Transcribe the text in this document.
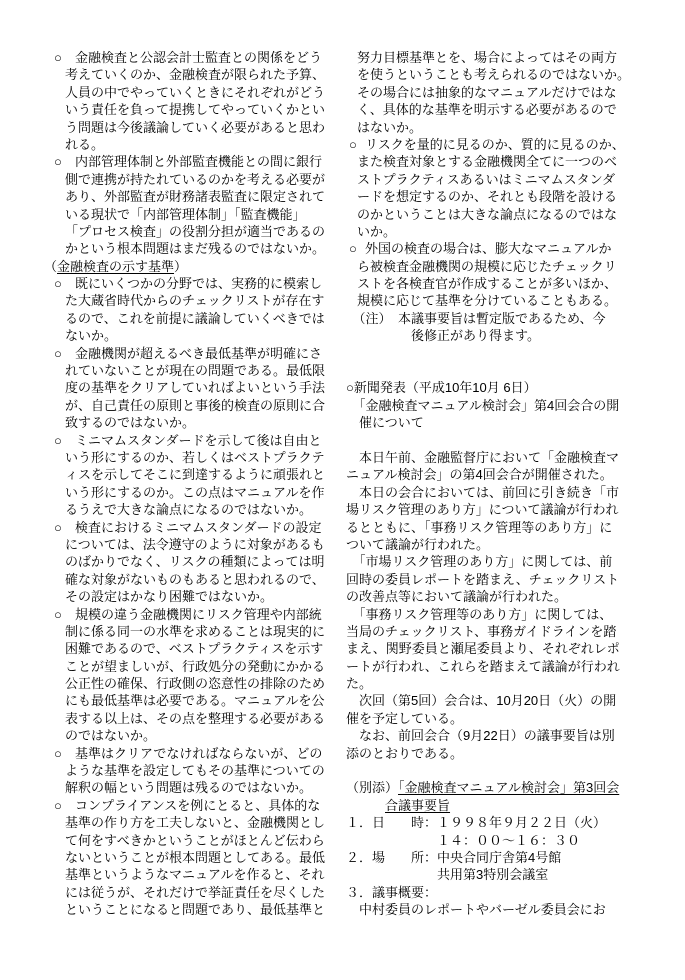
○ 金融検査と公認会計士監査との関係をどう
考えていくのか、金融検査が限られた予算、
人員の中でやっていくときにそれぞれがどう
いう責任を負って提携してやっていくかとい
う問題は今後議論していく必要があると思わ
れる。
○ 内部管理体制と外部監査機能との間に銀行
側で連携が持たれているのかを考える必要が
あり、外部監査が財務諸表監査に限定されて
いる現状で「内部管理体制」「監査機能」
「プロセス検査」の役割分担が適当であるの
かという根本問題はまだ残るのではないか。
（金融検査の示す基準）
○ 既にいくつかの分野では、実務的に模索し
た大蔵省時代からのチェックリストが存在す
るので、これを前提に議論していくべきでは
ないか。
○ 金融機関が超えるべき最低基準が明確にさ
れていないことが現在の問題である。最低限
度の基準をクリアしていればよいという手法
が、自己責任の原則と事後的検査の原則に合
致するのではないか。
○ ミニマムスタンダードを示して後は自由と
いう形にするのか、若しくはベストプラクテ
ィスを示してそこに到達するように頑張れと
いう形にするのか。この点はマニュアルを作
るうえで大きな論点になるのではないか。
○ 検査におけるミニマムスタンダードの設定
については、法令遵守のように対象があるも
のばかりでなく、リスクの種類によっては明
確な対象がないものもあると思われるので、
その設定はかなり困難ではないか。
○ 規模の違う金融機関にリスク管理や内部統
制に係る同一の水準を求めることは現実的に
困難であるので、ベストプラクティスを示す
ことが望ましいが、行政処分の発動にかかる
公正性の確保、行政側の恣意性の排除のため
にも最低基準は必要である。マニュアルを公
表する以上は、その点を整理する必要がある
のではないか。
○ 基準はクリアでなければならないが、どの
ような基準を設定してもその基準についての
解釈の幅という問題は残るのではないか。
○ コンプライアンスを例にとると、具体的な
基準の作り方を工夫しないと、金融機関とし
て何をすべきかということがほとんど伝わら
ないということが根本問題としてある。最低
基準というようなマニュアルを作ると、それ
には従うが、それだけで挙証責任を尽くした
ということになると問題であり、最低基準と
努力目標基準とを、場合によってはその両方
を使うということも考えられるのではないか。
その場合には抽象的なマニュアルだけではな
く、具体的な基準を明示する必要があるので
はないか。
○ リスクを量的に見るのか、質的に見るのか、
また検査対象とする金融機関全てに一つのベ
ストプラクティスあるいはミニマムスタンダ
ードを想定するのか、それとも段階を設ける
のかということは大きな論点になるのではな
いか。
○ 外国の検査の場合は、膨大なマニュアルか
ら被検査金融機関の規模に応じたチェックリ
ストを各検査官が作成することが多いほか、
規模に応じて基準を分けていることもある。
　（注）　本議事要旨は暫定版であるため、今
　　　　　後修正があり得ます。
○新聞発表（平成10年10月 6日）
　「金融検査マニュアル検討会」第4回会合の開
　催について
　本日午前、金融監督庁において「金融検査マ
ニュアル検討会」の第4回会合が開催された。
　本日の会合においては、前回に引き続き「市
場リスク管理のあり方」について議論が行われ
るとともに、「事務リスク管理等のあり方」に
ついて議論が行われた。
　「市場リスク管理のあり方」に関しては、前
回時の委員レポートを踏まえ、チェックリスト
の改善点等において議論が行われた。
　「事務リスク管理等のあり方」に関しては、
当局のチェックリスト、事務ガイドラインを踏
まえ、関野委員と瀬尾委員より、それぞれレポ
ートが行われ、これらを踏まえて議論が行われ
た。
　次回（第5回）会合は、10月20日（火）の開
催を予定している。
　なお、前回会合（9月22日）の議事要旨は別
添のとおりである。
（別添）「金融検査マニュアル検討会」第3回会
　　　合議事要旨
１．日　　時：１９９８年９月２２日（火）
　　　　　　　１４：００～１６：３０
２．場　　所：中央合同庁舎第4号館
　　　　　　　共用第3特別会議室
３．議事概要：
　中村委員のレポートやバーゼル委員会にお
